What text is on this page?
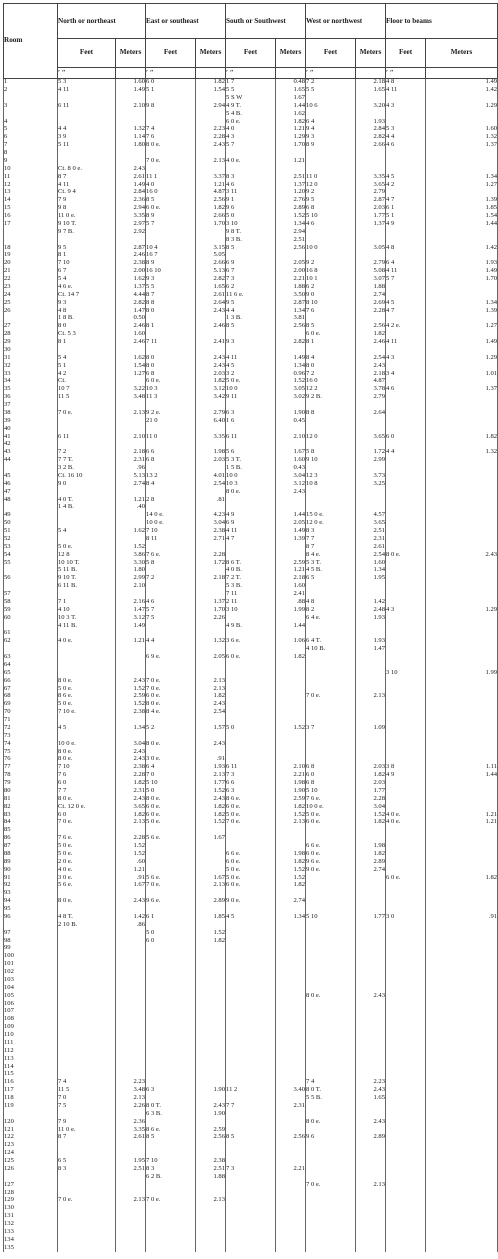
Room	North or northeast		East or southeast		South or Southwest		West or northwest		Floor to beams	
	Feet	Meters	Feet	Meters	Feet	Meters	Feet	Meters	Feet	Meters
	′ ″		′ ″		′ ″		′ ″		′ ″	
1	5 3	1.60	6 0	1.82	1 7	0.48	7 2	2.18	4 8	1.49
2	4 11	1.49	5 1	1.54	5 5	1.65	5 5	1.65	4 11	1.42
					5 S W	1.67				
3	6 11	2.10	9 8	2.94	4 9 T.	1.44	10 6	3.20	4 3	1.29
					5 4 B.	1.62				
4					6 0 e.	1.82	6 4	1.93		
5	4 4	1.32	7 4	2.23	4 0	1.21	9 4	2.84	5 3	1.60
6	3 9	1.14	7 6	2.28	4 3	1.29	9 3	2.82	4 4	1.32
7	5 11	1.80	8 0 e.	2.43	5 7	1.70	8 9	2.66	4 6	1.37
8										
9			7 0 e.	2.13	4 0 e.	1.21				
10	Ct. 8 0 e.	2.43								
11	8 7	2.61	11 1	3.37	8 3	2.51	11 0	3.35	4 5	1.34
12	4 11	1.49	4 0	1.21	4 6	1.37	12 0	3.65	4 2	1.27
13	Ct. 9 4	2.84	16 0	4.87	3 11	1.20	9 2	2.79		
14	7 9	2.36	8 5	2.56	9 1	2.76	9 5	2.87	4 7	1.39
15	9 8	2.94	6 0 e.	1.82	9 6	2.89	6 8	2.03	6 1	1.85
16	11 0 e.	3.35	8 9	2.66	5 0	1.52	5 10	1.77	5 1	1.54
17	9 10 T.	2.97	5 7	1.70	3 10	1.34	4 6	1.37	4 9	1.44
	9 7 B.	2.92			9 8 T.	2.94				
					8 3 B.	2.51				
18	9 5	2.87	10 4	3.15	8 5	2.56	10 0	3.05	4 8	1.42
19	8 1	2.46	16 7	5.05						
20	7 10	2.38	8 9	2.66	6 9	2.05	9 2	2.79	6 4	1.93
21	6 7	2.00	16 10	5.13	6 7	2.00	16 8	5.08	4 11	1.49
22	5 4	1.62	9 3	2.82	7 3	2.21	10 1	3.07	5 7	1.70
23	4 6 e.	1.37	5 5	1.65	6 2	1.88	6 2	1.88		
24	Ct. 14 7	4.44	8 7	2.61	11 6 e.	3.50	9 0	2.74		
25	9 3	2.82	8 8	2.64	9 5	2.87	8 10	2.69	4 5	1.34
26	4 8	1.47	8 0	2.43	4 4	1.34	7 6	2.28	4 7	1.39
	1 8 B.	0.50			1 3 B.	3.81				
27	8 0	2.46	8 1	2.46	8 5	2.56	8 5	2.56	4 2 e.	1.27
28	Ct. 5 3	1.60					6 0 e.	1.82		
29	8 1	2.46	7 11	2.41	9 3	2.82	8 1	2.46	4 11	1.49
30										
31	5 4	1.62	8 0	2.43	4 11	1.49	8 4	2.54	4 3	1.29
32	5 1	1.54	8 0	2.43	4 5	1.34	8 0	2.43		
33	4 2	1.27	6 8	2.03	3 2	0.96	7 2	2.18	3 4	1.01
34	Ct.		6 0 e.	1.82	5 0 e.	1.52	16 0	4.87		
35	10 7	3.22	10 3	3.12	10 0	3.05	12 2	3.78	4 6	1.37
36	11 5	3.48	11 3	3.42	9 11	3.02	9 2 B.	2.79		
37										
38	7 0 e.	2.13	9 2 e.	2.79	6 3	1.90	8 8	2.64		
39			21 0	6.40	1 6	0.45				
40										
41	6 11	2.10	11 0	3.35	6 11	2.10	12 0	3.65	6 0	1.82
42										
43	7 2	2.18	6 6	1.98	5 6	1.67	5 8	1.72	4 4	1.32
44	7 7 T.	2.31	6 8	2.03	5 3 T.	1.60	9 10	2.99		
	3 2 B.	.96			1 5 B.	0.43				
45	Ct. 16 10	5.13	13 2	4.01	10 0	3.04	12 3	3.73		
46	9 0	2.74	8 4	2.54	10 3	3.12	10 8	3.25		
47					8 0 e.	2.43				
48	4 0 T.	1.21	2 8	.81						
	1 4 B.	.40								
49			14 0 e.	4.23	4 9	1.44	15 0 e.	4.57		
50			10 0 e.	3.04	6 9	2.05	12 0 e.	3.65		
51	5 4	1.62	7 10	2.38	4 11	1.49	8 3	2.51		
52			8 11	2.71	4 7	1.39	7 7	2.31		
53	5 0 e.	1.52					8 7	2.61		
54	12 8	3.86	7 6 e.	2.28			8 4 e.	2.54	8 0 e.	2.43
55	10 10 T.	3.30	5 8	1.72	8 6 T.	2.59	5 3 T.	1.60		
	5 11 B.	1.80			4 0 B.	1.21	4 5 B.	1.34		
56	9 10 T.	2.99	7 2	2.18	7 2 T.	2.18	6 5	1.95		
	6 11 B.	2.10			5 3 B.	1.60				
57					7 11	2.41				
58	7 1	2.16	4 6	1.37	2 11	.88	4 8	1.42		
59	4 10	1.47	5 7	1.70	3 10	1.99	8 2	2.48	4 3	1.29
60	10 3 T.	3.12	7 5	2.26			6 4 e.	1.93		
	4 11 B.	1.49			4 9 B.	1.44				
61										
62	4 0 e.	1.21	4 4	1.32	3 6 e.	1.06	6 4 T.	1.93		
							4 10 B.	1.47		
63			6 9 e.	2.05	6 0 e.	1.82				
64										
65									3 10	1.99
66	8 0 e.	2.43	7 0 e.	2.13						
67	5 0 e.	1.52	7 0 e.	2.13						
68	8 6 e.	2.59	6 0 e.	1.82			7 0 e.	2.13		
69	5 0 e.	1.52	8 0 e.	2.43						
70	7 10 e.	2.38	8 4 e.	2.54						
71										
72	4 5	1.34	5 2	1.57	5 0	1.52	3 7	1.09		
73										
74	10 0 e.	3.04	8 0 e.	2.43						
75	8 0 e.	2.43								
76	8 0 e.	2.43	3 0 e.	.91						
77	7 10	2.38	6 4	1.93	6 11	2.10	6 8	2.03	3 8	1.11
78	7 6	2.28	7 0	2.13	7 3	2.21	6 0	1.82	4 9	1.44
79	6 0	1.82	5 10	1.77	6 6	1.98	6 8	2.03		
80	7 7	2.31	5 0	1.52	6 3	1.90	5 10	1.77		
81	8 0 e.	2.43	8 0 e.	2.43	8 6 e.	2.59	7 6 e.	2.28		
82	Ct. 12 0 e.	3.65	6 0 e.	1.82	6 0 e.	1.82	10 0 e.	3.04		
83	6 0	1.82	6 0 e.	1.82	5 0 e.	1.52	5 0 e.	1.52	4 0 e.	1.21
84	7 0 e.	2.13	5 0 e.	1.52	7 0 e.	2.13	6 0 e.	1.82	4 0 e.	1.21
85										
86	7 6 e.	2.28	5 6 e.	1.67						
87	5 0 e.	1.52					6 6 e.	1.98		
88	5 0 e.	1.52			6 6 e.	1.98	6 0 e.	1.82		
89	2 0 e.	.60			6 0 e.	1.82	9 6 e.	2.89		
90	4 0 e.	1.21			5 0 e.	1.52	9 0 e.	2.74		
91	3 0 e.	.91	5 6 e.	1.67	5 0 e.	1.52			6 0 e.	1.82
92	5 6 e.	1.67	7 0 e.	2.13	6 0 e.	1.82				
93										
94	8 0 e.	2.43	9 6 e.	2.89	9 0 e.	2.74				
95										
96	4 8 T.	1.42	6 1	1.85	4 5	1.34	5 10	1.77	3 0	.91
	2 10 B.	.86								
97			5 0	1.52						
98			6 0	1.82						
99										
100										
101										
102										
103										
104										
105							8 0 e.	2.43		
106										
107										
108										
109										
110										
111										
112										
113										
114										
115										
116	7 4	2.23					7 4	2.23		
117	11 5	3.48	6 3	1.90	11 2	3.40	8 0 T.	2.43		
118	7 0	2.13					5 5 B.	1.65		
119	7 5	2.26	8 0 T.	2.43	7 7	2.31				
			6 3 B.	1.90						
120	7 9	2.36					8 0 e.	2.43		
121	11 0 e.	3.35	8 6 e.	2.59						
122	8 7	2.61	8 5	2.56	8 5	2.56	9 6	2.89		
123										
124										
125	6 5	1.95	7 10	2.38						
126	8 3	2.51	8 3	2.51	7 3	2.21				
			6 2 B.	1.88						
127							7 0 e.	2.13		
128										
129	7 0 e.	2.13	7 0 e.	2.13						
130										
131										
132										
133										
134										
135										
